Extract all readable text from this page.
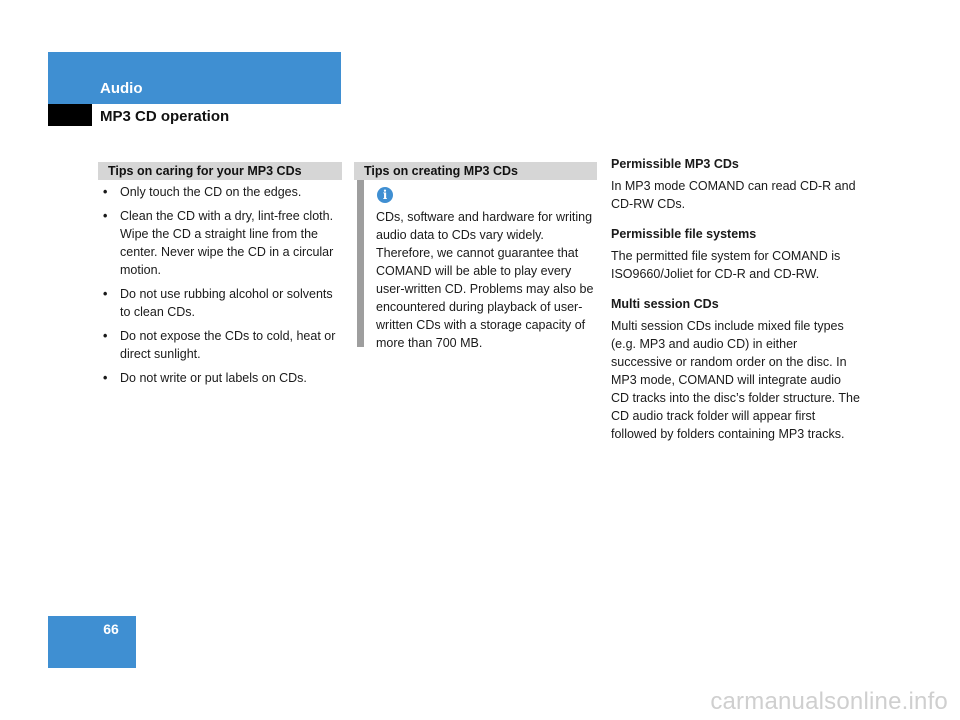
Audio
MP3 CD operation
Tips on caring for your MP3 CDs
• Only touch the CD on the edges.
• Clean the CD with a dry, lint-free cloth. Wipe the CD a straight line from the center. Never wipe the CD in a circular motion.
• Do not use rubbing alcohol or solvents to clean CDs.
• Do not expose the CDs to cold, heat or direct sunlight.
• Do not write or put labels on CDs.
Tips on creating MP3 CDs
i
CDs, software and hardware for writing audio data to CDs vary widely. Therefore, we cannot guarantee that COMAND will be able to play every user-written CD. Problems may also be encountered during playback of user-written CDs with a storage capacity of more than 700 MB.

Permissible MP3 CDs

In MP3 mode COMAND can read CD-R and CD-RW CDs.

Permissible file systems

The permitted file system for COMAND is ISO9660/Joliet for CD-R and CD-RW.

Multi session CDs

Multi session CDs include mixed file types (e.g. MP3 and audio CD) in either successive or random order on the disc. In MP3 mode, COMAND will integrate audio CD tracks into the disc’s folder structure. The CD audio track folder will appear first followed by folders containing MP3 tracks.

66
carmanualsonline.info
